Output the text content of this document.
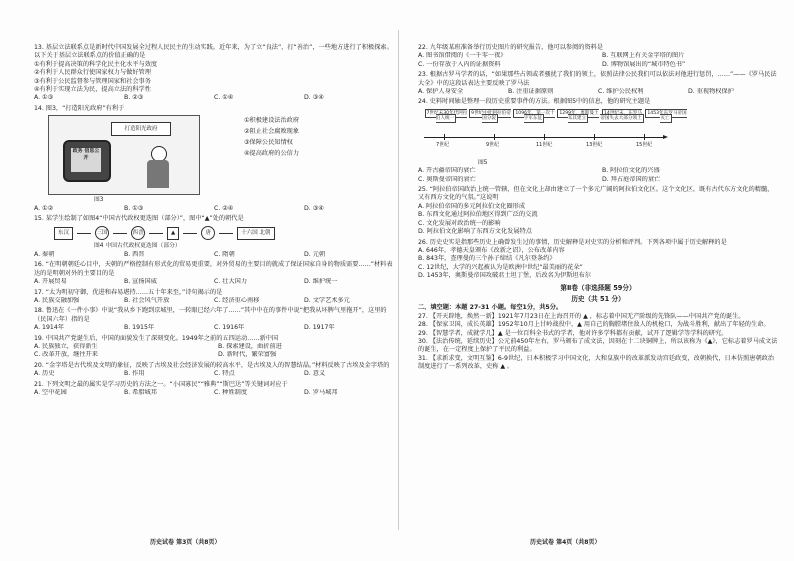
13. 基层立法联系点是新时代中国发展全过程人民民主的生动实践。近年来，为了立“良法”，打“善治”，一些地方进行了积极探索。以下关于基层立法联系点的价值正确的是

①有利于提高决策的科学化民主化水平与效度

②有利于人民群众行使国家权力与做好管理

③有利于公民监督参与管理国家和社会事务

④有利于实现立法为民，提高立法的科学性

A. ①③	B. ②③	C. ①④	D. ③④

14. 图3，“打造阳光政府”有利于

打造阳光政府
政务 信息公开
①积极建设法治政府
②阻止社会腐败现象
③保障公民知情权
④提高政府的公信力
图3
A. ①②	B. ①③	C. ②④	D. ③④

15. 某学生绘制了如图4“中国古代政权更迭图（部分）”，图中“▲”处的朝代是

东汉	三国	西晋	▲	唐	十六国 北朝
图4 中国古代政权更迭图（部分）
A. 秦朝	B. 西晋	C. 隋朝	D. 元朝

16. “在明朝朝廷心目中，天朝的严格控制有形式化的贸易更重要，对外贸易的主要目的就成了保证国家自身的物质需要……”材料表达的是明朝对外的主要目的是

A. 开展贸易	B. 宣扬国威	C. 壮大国力	D. 维护统一

17. “太为明初守御，优进和春易堪持……五十年来至，”诗句揭示的是

A. 民族交融加强	B. 社会风气开放	C. 经济重心南移	D. 文学艺术多元

18. 鲁迅在《一件小事》中说“我从乡下跑到京城里，一转眼已经六年了……”其中中在的事件中说“把我从坏脾气里拖开”，这里的（民国六年）指的是

A. 1914年	B. 1915年	C. 1916年	D. 1917年

19. 中国共产党诞生后，中国的面貌发生了深刻变化。1949年之前的五四运动……新中国

A. 民族独立，获得新生	B. 探索建设，曲折前进
C. 改革开放，继往开来	D. 新时代，繁荣富强

20. “金字塔是古代埃及文明的象征，反映了古埃及社会经济发展的较高水平，是古埃及人的智慧结晶。”材料反映了古埃及金字塔的

A. 历史	B. 作用	C. 特点	D. 意义

21. 下列文明之最的属实是学习历史的方法之一。“小国寡民”“雅典”“斯巴达”等关键词对应于

A. 空中花园	B. 希腊城邦	C. 种姓制度	D. 罗马城邦

22. 九年级某班准备举行历史图片的研究报告，他可以参阅的资料是

A. 图书馆借阅的《一千零一夜》	B. 互联网上有关金字塔的图片
C. 一份存放于入内的证据资料	D. 博物馆展出的“城市特色书”

23. 根据古罗马学者的话，“如果那些占领或者骚扰了我们的领土，依照法律公民我们可以依法对他进行惩罚，……”——《罗马民法大全》中的这段话表达主要反映了罗马法

A. 保护人身安全	B. 注重证据原则	C. 维护公民权利	D. 重视物权保护

24. 史料时间轴是整理一段历史重要事件的方法。根据图5中的信息，他的研究主题是

7世纪末30年代阿拉伯人统一
9世纪中叶阿拉伯帝国分裂
1096年，第一次十字军东征
1299年，奥斯曼土耳其建立
14世纪末，东罗马帝国失去大部分领土
1453年东罗马帝国灭亡
7世纪	9世纪	11世纪	13世纪	15世纪
图5
A. 开古疆帝国的衰亡	B. 阿拉伯文化的兴盛
C. 奥斯曼帝国的衰亡	D. 拜占庭帝国的衰亡

25. “阿拉伯帝国政治上统一管辖，但在文化上却由建立了一个多元广阔的阿拉伯文化区。这个文化区，既有古代东方文化的精髓，又有西方文化的气氛。”这说明

A. 阿拉伯帝国的多元阿拉伯文化圈形成

B. 东西文化通过阿拉伯地区得到广泛的交流

C. 文化发展对政治统一的影响

D. 阿拉伯文化影响了东西方文化发展特点

26. 历史史实是指那些历史上确曾发生过的事情，历史解释是对史实的分析和评判。下列各项中属于历史解释的是

A. 646年，孝德天皇颁布《改新之诏》，公布改革内容

B. 843年，查理曼的三个孙子缔结《凡尔登条约》

C. 12世纪，大学的兴起被认为是欧洲中世纪“最美丽的花朵”

D. 1453年，奥斯曼帝国攻破君士坦丁堡，后改名为伊斯坦布尔

第Ⅱ卷（非选择题 59分）
历史（共 51 分）

二、填空题：本题 27-31 小题。每空1分，共5分。

27. 【开天辟地，焕然一新】1921年7月23日在上海召开的 ▲ ，标志着中国无产阶级的先锋队——中国共产党的诞生。

28. 【保家卫国，成长英雄】1952年10月上甘岭战役中，▲ 用自己的胸膛堵住敌人的机枪口，为战斗胜利，献出了年轻的生命。

29. 【智慧学者，成就学几】▲ 是一位百科全书式的学者，他对许多学科都有贡献，试开了逻辑学等学科的研究。

30. 【法治传统，延续历史】公元前450年左右，罗马颁布了成文法，因刻在十二块铜牌上，所以该称为《▲》，它标志着罗马成文法的诞生，在一定程度上保护了平民的利益。

31. 【求新求变，文明互鉴】6-9世纪，日本积极学习中国文化，大和皇族中的改革派发动宫廷政变，改朝换代，日本仿照唐朝政治制度进行了一系列改革，史称 ▲ 。

历史试卷 第3页（共8页）	历史试卷 第4页（共8页）
